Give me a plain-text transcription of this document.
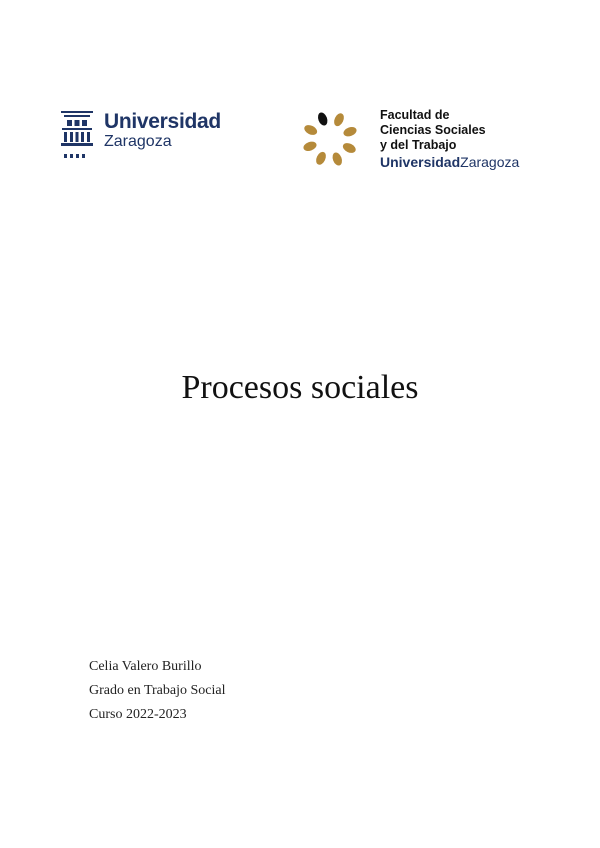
Universidad
Zaragoza
Facultad de
Ciencias Sociales
y del Trabajo
UniversidadZaragoza
Procesos sociales
Celia Valero Burillo
Grado en Trabajo Social
Curso 2022-2023
